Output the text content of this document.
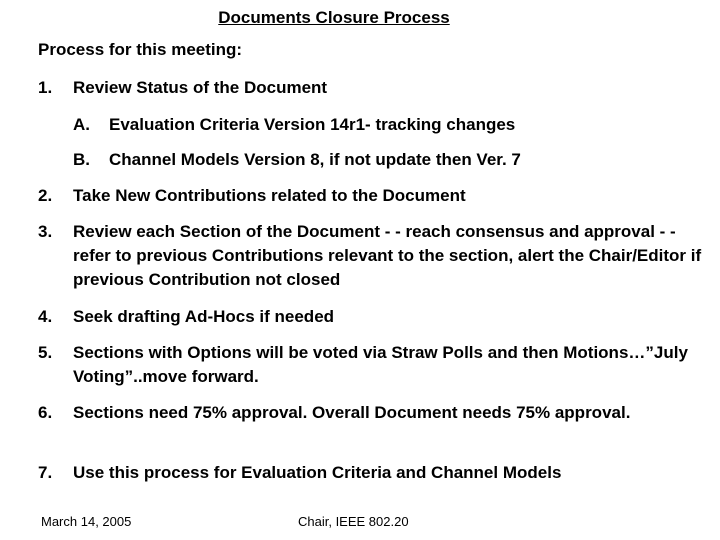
Documents Closure Process
Process for this meeting:
1. Review Status of the Document
A. Evaluation Criteria Version 14r1- tracking changes
B. Channel Models Version 8, if not update then Ver. 7
2. Take New Contributions related to the Document
3. Review each Section of the Document - - reach consensus and approval - - refer to previous Contributions relevant to the section, alert the Chair/Editor if previous Contribution not closed
4. Seek drafting Ad-Hocs if needed
5. Sections with Options will be voted via Straw Polls and then Motions…”July Voting”..move forward.
6. Sections need 75% approval. Overall Document needs 75% approval.
7. Use this process for Evaluation Criteria and Channel Models
March 14, 2005	Chair, IEEE 802.20
